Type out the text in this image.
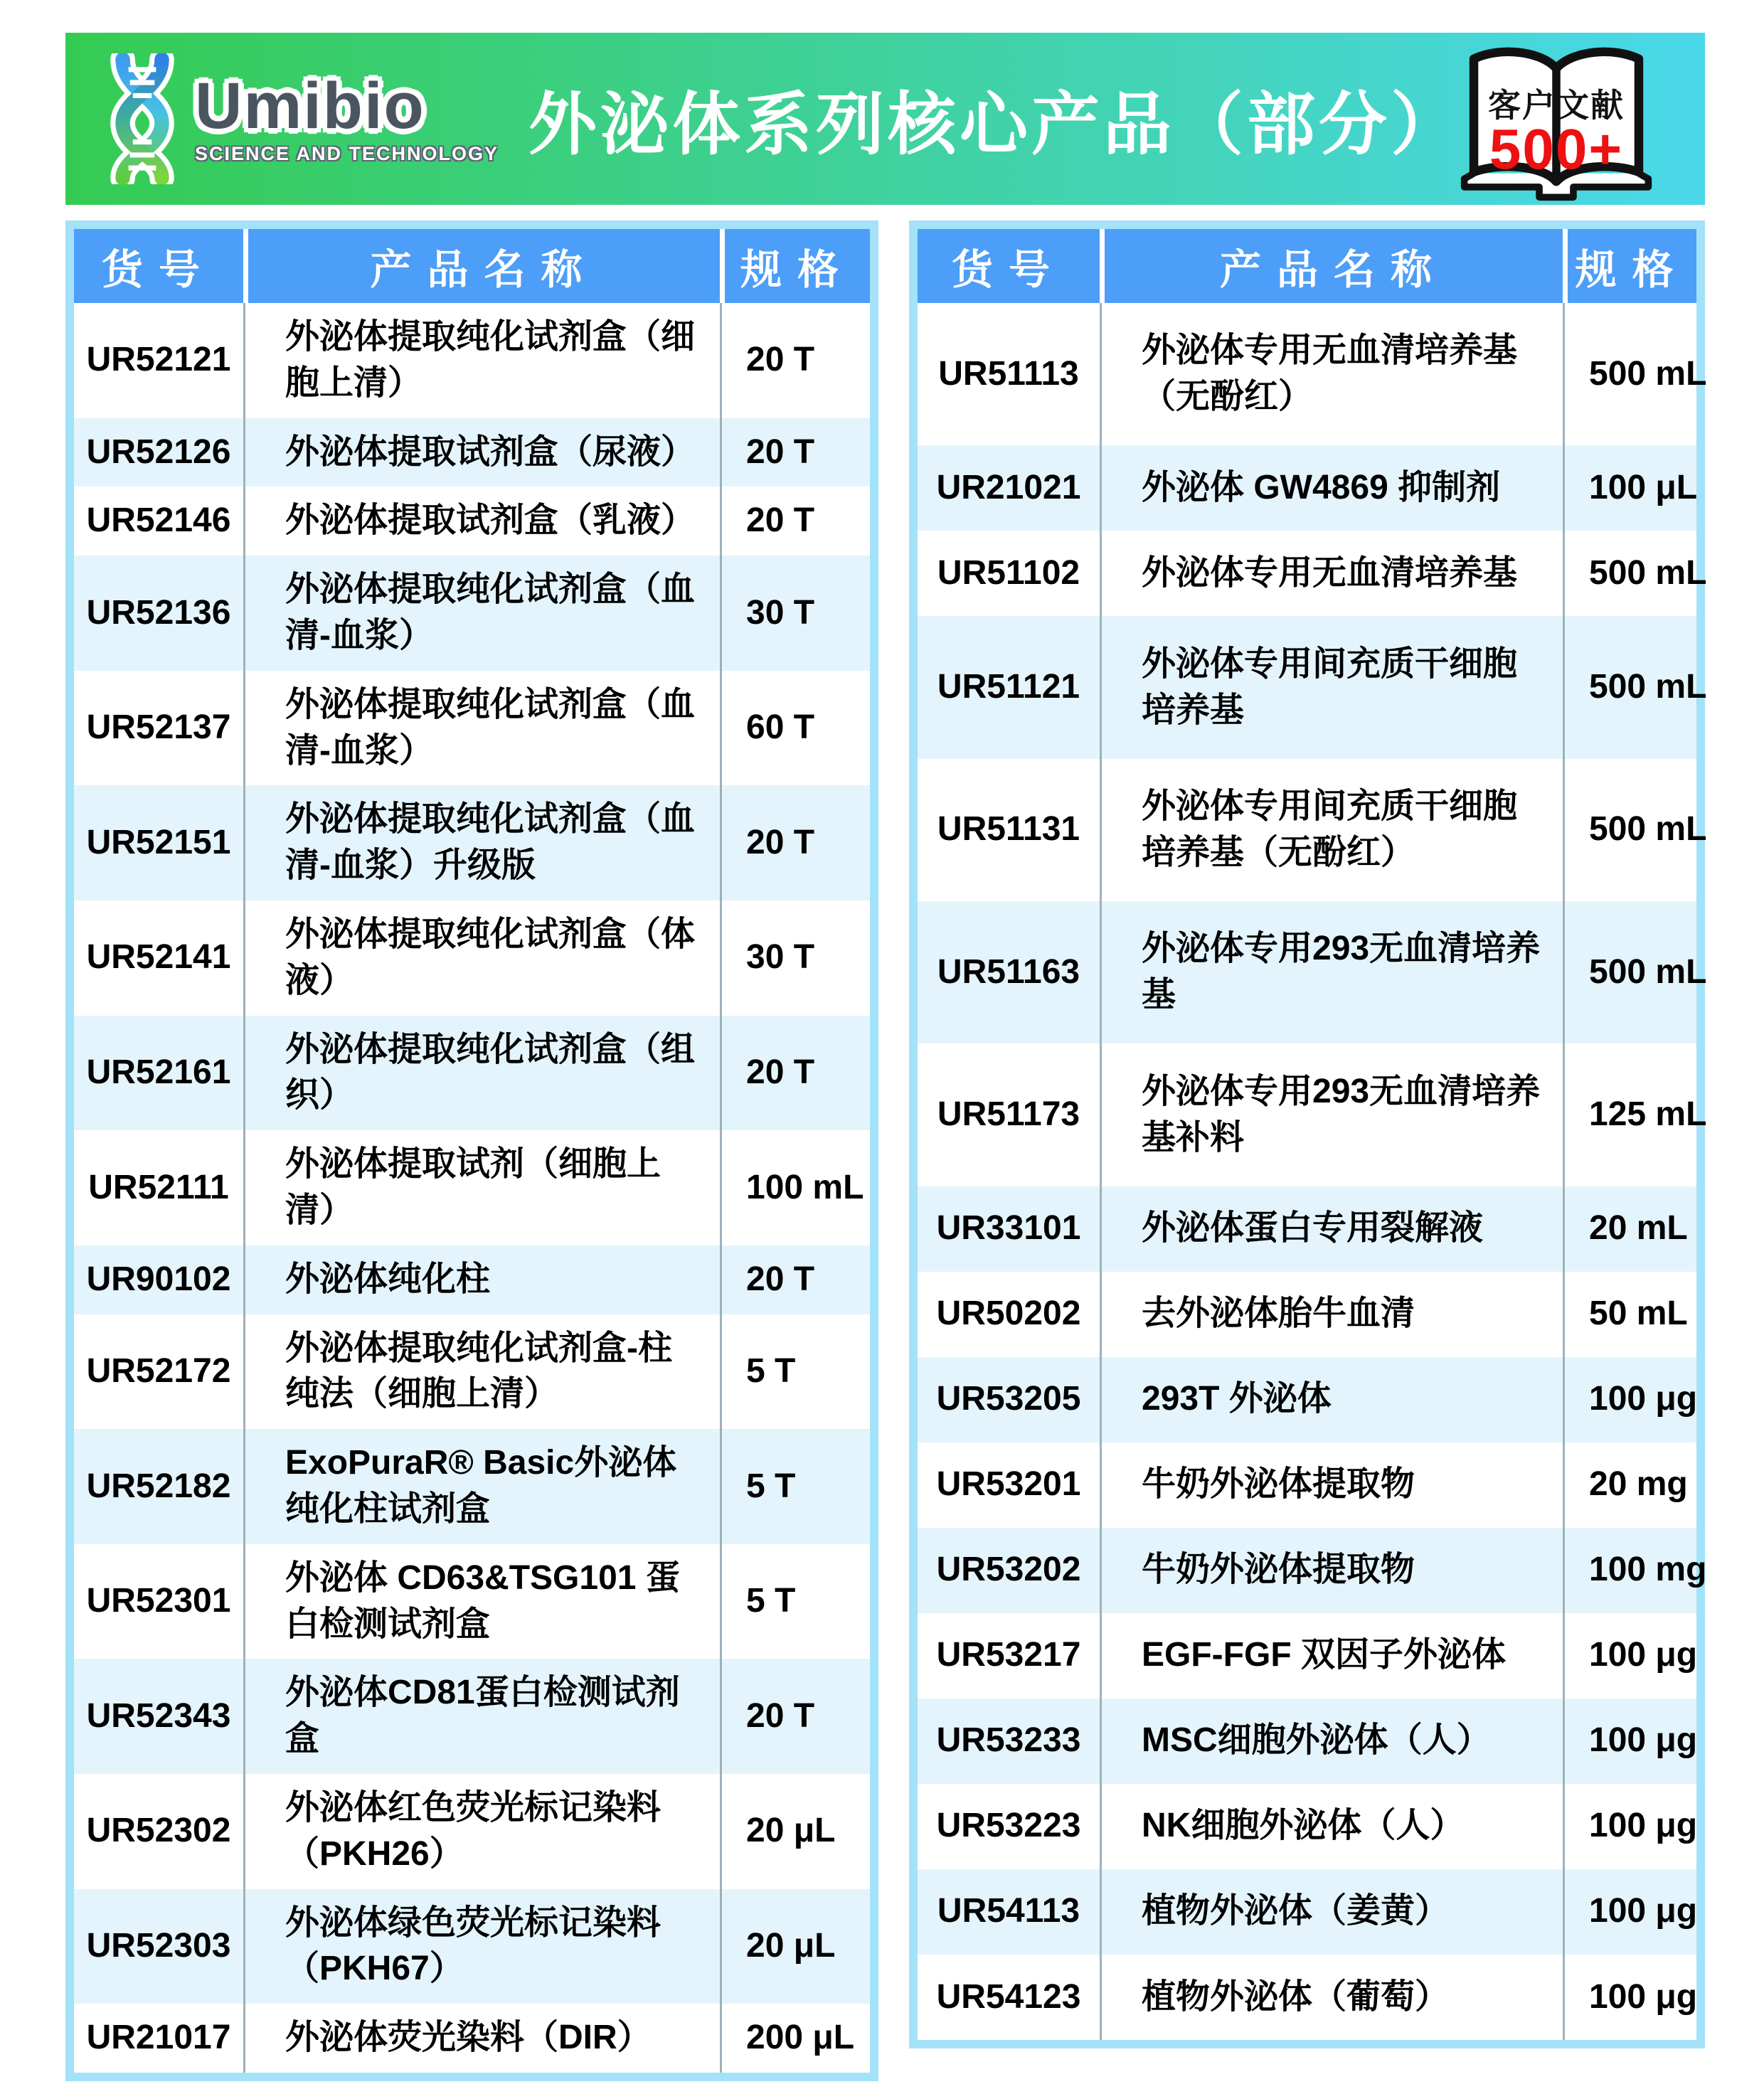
Umibio
SCIENCE AND TECHNOLOGY 外泌体系列核心产品（部分） 客户文献
500+
货号	产品名称	规格
UR52121	外泌体提取纯化试剂盒（细胞上清）	20 T
UR52126	外泌体提取试剂盒（尿液）	20 T
UR52146	外泌体提取试剂盒（乳液）	20 T
UR52136	外泌体提取纯化试剂盒（血清-血浆）	30 T
UR52137	外泌体提取纯化试剂盒（血清-血浆）	60 T
UR52151	外泌体提取纯化试剂盒（血清-血浆）升级版	20 T
UR52141	外泌体提取纯化试剂盒（体液）	30 T
UR52161	外泌体提取纯化试剂盒（组织）	20 T
UR52111	外泌体提取试剂（细胞上清）	100 mL
UR90102	外泌体纯化柱	20 T
UR52172	外泌体提取纯化试剂盒-柱纯法（细胞上清）	5 T
UR52182	ExoPuraR® Basic外泌体纯化柱试剂盒	5 T
UR52301	外泌体 CD63&TSG101 蛋白检测试剂盒	5 T
UR52343	外泌体CD81蛋白检测试剂盒	20 T
UR52302	外泌体红色荧光标记染料（PKH26）	20 μL
UR52303	外泌体绿色荧光标记染料（PKH67）	20 μL
UR21017	外泌体荧光染料（DIR）	200 μL
货号	产品名称	规格
UR51113	外泌体专用无血清培养基（无酚红）	500 mL
UR21021	外泌体 GW4869 抑制剂	100 μL
UR51102	外泌体专用无血清培养基	500 mL
UR51121	外泌体专用间充质干细胞培养基	500 mL
UR51131	外泌体专用间充质干细胞培养基（无酚红）	500 mL
UR51163	外泌体专用293无血清培养基	500 mL
UR51173	外泌体专用293无血清培养基补料	125 mL
UR33101	外泌体蛋白专用裂解液	20 mL
UR50202	去外泌体胎牛血清	50 mL
UR53205	293T 外泌体	100 μg
UR53201	牛奶外泌体提取物	20 mg
UR53202	牛奶外泌体提取物	100 mg
UR53217	EGF-FGF 双因子外泌体	100 μg
UR53233	MSC细胞外泌体（人）	100 μg
UR53223	NK细胞外泌体（人）	100 μg
UR54113	植物外泌体（姜黄）	100 μg
UR54123	植物外泌体（葡萄）	100 μg
